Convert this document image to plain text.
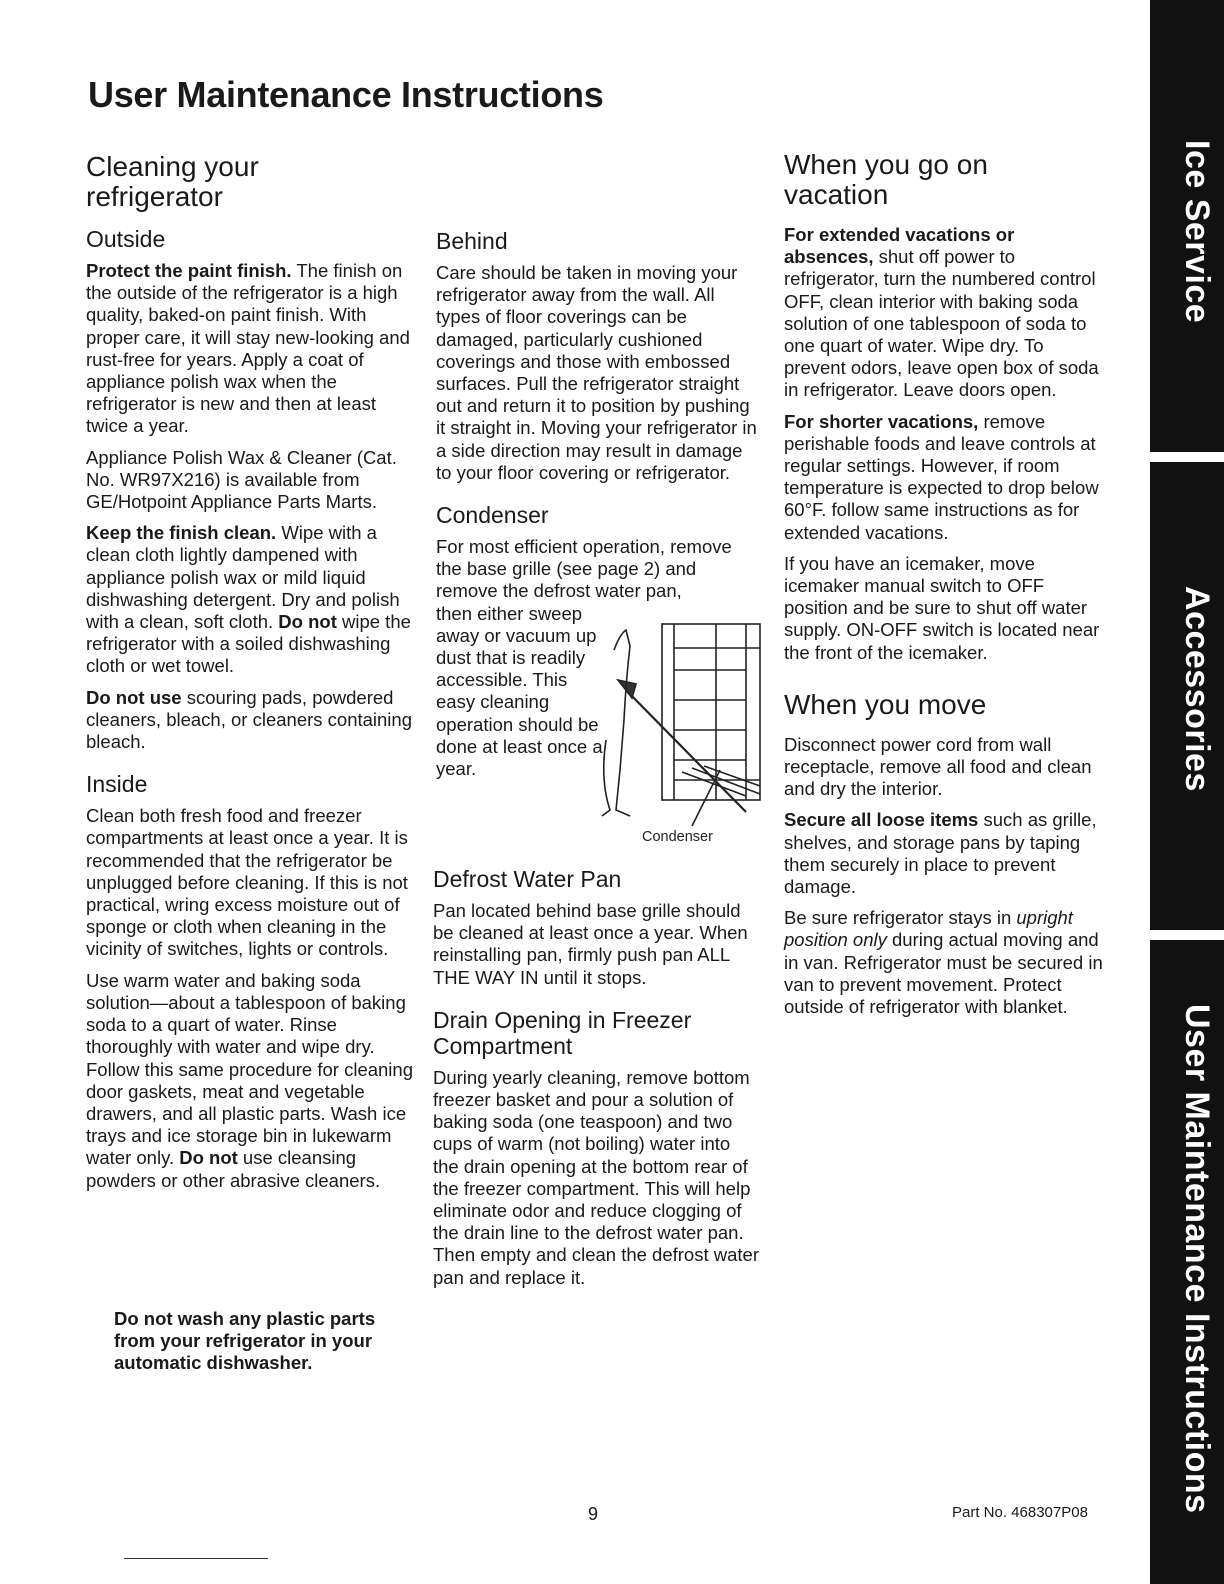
User Maintenance Instructions
Cleaning your refrigerator
Outside

Protect the paint finish. The finish on the outside of the refrigerator is a high quality, baked-on paint finish. With proper care, it will stay new-looking and rust-free for years. Apply a coat of appliance polish wax when the refrigerator is new and then at least twice a year.

Appliance Polish Wax & Cleaner (Cat. No. WR97X216) is available from GE/Hotpoint Appliance Parts Marts.

Keep the finish clean. Wipe with a clean cloth lightly dampened with appliance polish wax or mild liquid dishwashing detergent. Dry and polish with a clean, soft cloth. Do not wipe the refrigerator with a soiled dishwashing cloth or wet towel.

Do not use scouring pads, powdered cleaners, bleach, or cleaners containing bleach.

Inside

Clean both fresh food and freezer compartments at least once a year. It is recommended that the refrigerator be unplugged before cleaning. If this is not practical, wring excess moisture out of sponge or cloth when cleaning in the vicinity of switches, lights or controls.

Use warm water and baking soda solution—about a tablespoon of baking soda to a quart of water. Rinse thoroughly with water and wipe dry. Follow this same procedure for cleaning door gaskets, meat and vegetable drawers, and all plastic parts. Wash ice trays and ice storage bin in lukewarm water only. Do not use cleansing powders or other abrasive cleaners.

Do not wash any plastic parts from your refrigerator in your automatic dishwasher.
Behind

Care should be taken in moving your refrigerator away from the wall. All types of floor coverings can be damaged, particularly cushioned coverings and those with embossed surfaces. Pull the refrigerator straight out and return it to position by pushing it straight in. Moving your refrigerator in a side direction may result in damage to your floor covering or refrigerator.

Condenser

For most efficient operation, remove the base grille (see page 2) and remove the defrost water pan,

then either sweep away or vacuum up dust that is readily accessible. This easy cleaning operation should be done at least once a year.

Condenser
Defrost Water Pan

Pan located behind base grille should be cleaned at least once a year. When reinstalling pan, firmly push pan ALL THE WAY IN until it stops.

Drain Opening in Freezer Compartment

During yearly cleaning, remove bottom freezer basket and pour a solution of baking soda (one teaspoon) and two cups of warm (not boiling) water into the drain opening at the bottom rear of the freezer compartment. This will help eliminate odor and reduce clogging of the drain line to the defrost water pan. Then empty and clean the defrost water pan and replace it.

When you go on vacation

For extended vacations or absences, shut off power to refrigerator, turn the numbered control OFF, clean interior with baking soda solution of one tablespoon of soda to one quart of water. Wipe dry. To prevent odors, leave open box of soda in refrigerator. Leave doors open.

For shorter vacations, remove perishable foods and leave controls at regular settings. However, if room temperature is expected to drop below 60°F. follow same instructions as for extended vacations.

If you have an icemaker, move icemaker manual switch to OFF position and be sure to shut off water supply. ON-OFF switch is located near the front of the icemaker.

When you move

Disconnect power cord from wall receptacle, remove all food and clean and dry the interior.

Secure all loose items such as grille, shelves, and storage pans by taping them securely in place to prevent damage.

Be sure refrigerator stays in upright position only during actual moving and in van. Refrigerator must be secured in van to prevent movement. Protect outside of refrigerator with blanket.

Ice Service
Accessories
User Maintenance Instructions
9	Part No. 468307P08
